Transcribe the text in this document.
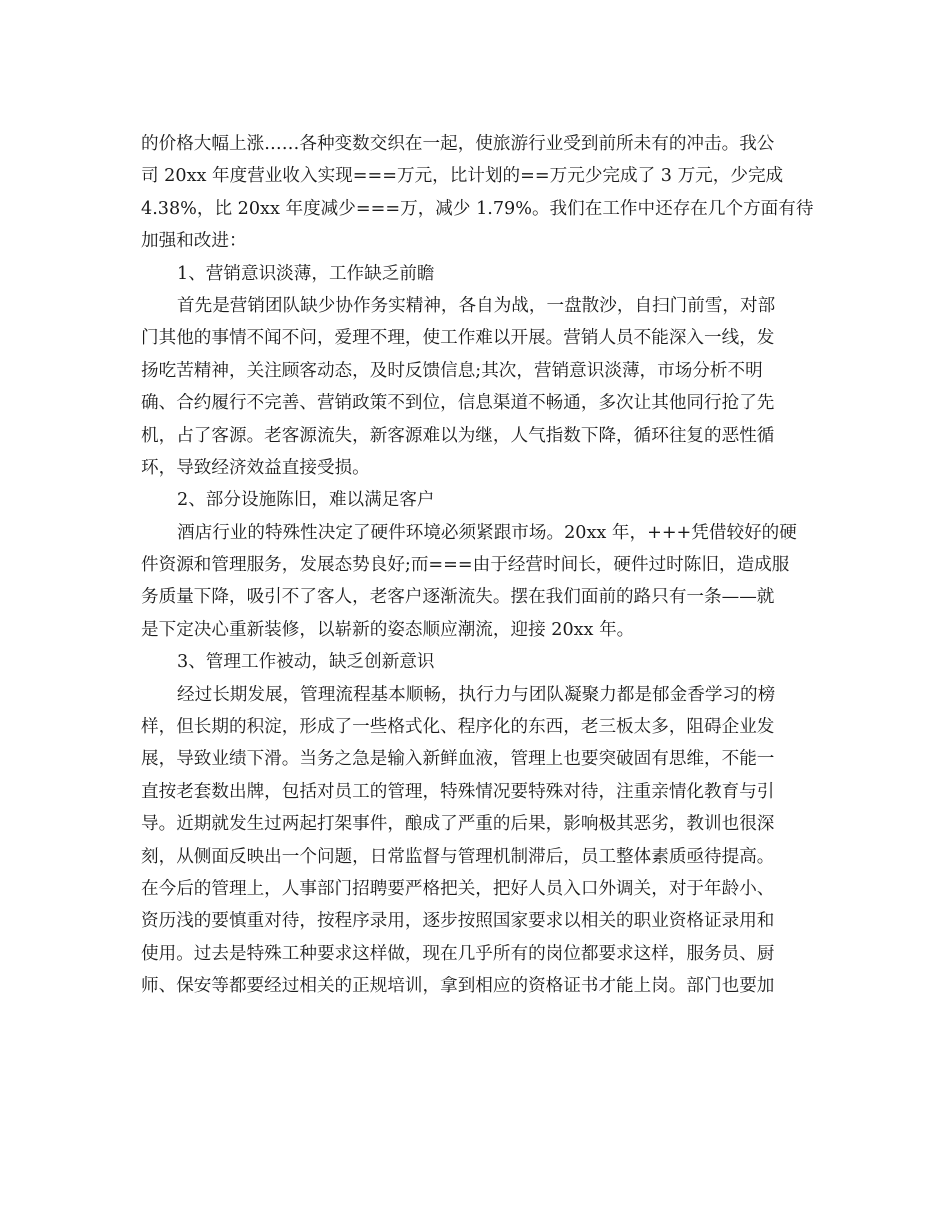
的价格大幅上涨……各种变数交织在一起，使旅游行业受到前所未有的冲击。我公
司 20xx 年度营业收入实现===万元，比计划的==万元少完成了 3 万元，少完成
4.38%，比 20xx 年度减少===万，减少 1.79%。我们在工作中还存在几个方面有待
加强和改进：
1、营销意识淡薄，工作缺乏前瞻
首先是营销团队缺少协作务实精神，各自为战，一盘散沙，自扫门前雪，对部
门其他的事情不闻不问，爱理不理，使工作难以开展。营销人员不能深入一线，发
扬吃苦精神，关注顾客动态，及时反馈信息;其次，营销意识淡薄，市场分析不明
确、合约履行不完善、营销政策不到位，信息渠道不畅通，多次让其他同行抢了先
机，占了客源。老客源流失，新客源难以为继，人气指数下降，循环往复的恶性循
环，导致经济效益直接受损。
2、部分设施陈旧，难以满足客户
酒店行业的特殊性决定了硬件环境必须紧跟市场。20xx 年，+++凭借较好的硬
件资源和管理服务，发展态势良好;而===由于经营时间长，硬件过时陈旧，造成服
务质量下降，吸引不了客人，老客户逐渐流失。摆在我们面前的路只有一条——就
是下定决心重新装修，以崭新的姿态顺应潮流，迎接 20xx 年。
3、管理工作被动，缺乏创新意识
经过长期发展，管理流程基本顺畅，执行力与团队凝聚力都是郁金香学习的榜
样，但长期的积淀，形成了一些格式化、程序化的东西，老三板太多，阻碍企业发
展，导致业绩下滑。当务之急是输入新鲜血液，管理上也要突破固有思维，不能一
直按老套数出牌，包括对员工的管理，特殊情况要特殊对待，注重亲情化教育与引
导。近期就发生过两起打架事件，酿成了严重的后果，影响极其恶劣，教训也很深
刻，从侧面反映出一个问题，日常监督与管理机制滞后，员工整体素质亟待提高。
在今后的管理上，人事部门招聘要严格把关，把好人员入口外调关，对于年龄小、
资历浅的要慎重对待，按程序录用，逐步按照国家要求以相关的职业资格证录用和
使用。过去是特殊工种要求这样做，现在几乎所有的岗位都要求这样，服务员、厨
师、保安等都要经过相关的正规培训，拿到相应的资格证书才能上岗。部门也要加
